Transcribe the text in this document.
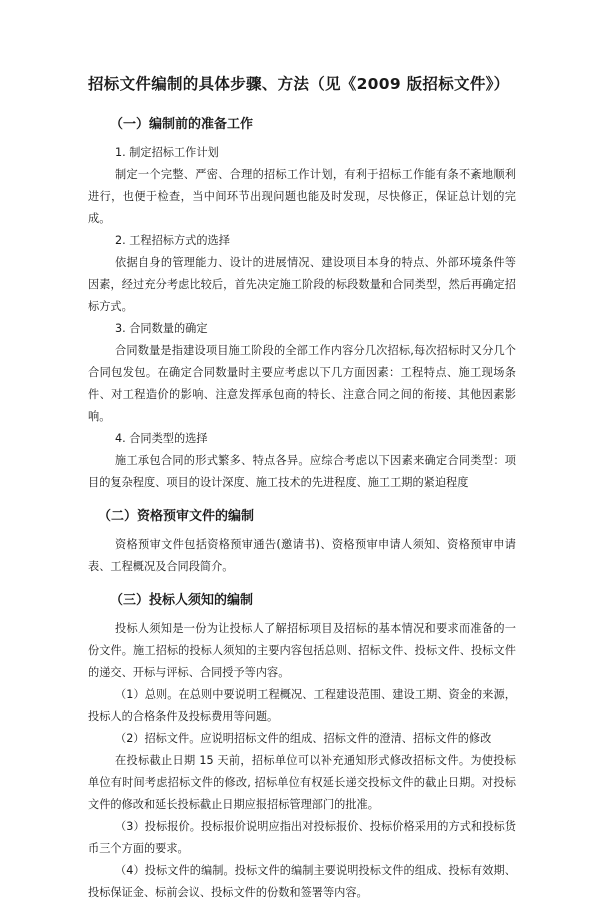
招标文件编制的具体步骤、方法（见《2009 版招标文件》）
（一）编制前的准备工作
1. 制定招标工作计划
制定一个完整、严密、合理的招标工作计划，有利于招标工作能有条不紊地顺利进行，也便于检查，当中间环节出现问题也能及时发现，尽快修正，保证总计划的完成。
2. 工程招标方式的选择
依据自身的管理能力、设计的进展情况、建设项目本身的特点、外部环境条件等因素，经过充分考虑比较后，首先决定施工阶段的标段数量和合同类型，然后再确定招标方式。
3. 合同数量的确定
合同数量是指建设项目施工阶段的全部工作内容分几次招标,每次招标时又分几个合同包发包。在确定合同数量时主要应考虑以下几方面因素：工程特点、施工现场条件、对工程造价的影响、注意发挥承包商的特长、注意合同之间的衔接、其他因素影响。
4. 合同类型的选择
施工承包合同的形式繁多、特点各异。应综合考虑以下因素来确定合同类型：项目的复杂程度、项目的设计深度、施工技术的先进程度、施工工期的紧迫程度
（二）资格预审文件的编制
资格预审文件包括资格预审通告(邀请书)、资格预审申请人须知、资格预审申请表、工程概况及合同段简介。
（三）投标人须知的编制
投标人须知是一份为让投标人了解招标项目及招标的基本情况和要求而准备的一份文件。施工招标的投标人须知的主要内容包括总则、招标文件、投标文件、投标文件的递交、开标与评标、合同授予等内容。
（1）总则。在总则中要说明工程概况、工程建设范围、建设工期、资金的来源，投标人的合格条件及投标费用等问题。
（2）招标文件。应说明招标文件的组成、招标文件的澄清、招标文件的修改
在投标截止日期 15 天前，招标单位可以补充通知形式修改招标文件。为使投标单位有时间考虑招标文件的修改, 招标单位有权延长递交投标文件的截止日期。对投标文件的修改和延长投标截止日期应报招标管理部门的批准。
（3）投标报价。投标报价说明应指出对投标报价、投标价格采用的方式和投标货币三个方面的要求。
（4）投标文件的编制。投标文件的编制主要说明投标文件的组成、投标有效期、投标保证金、标前会议、投标文件的份数和签署等内容。
